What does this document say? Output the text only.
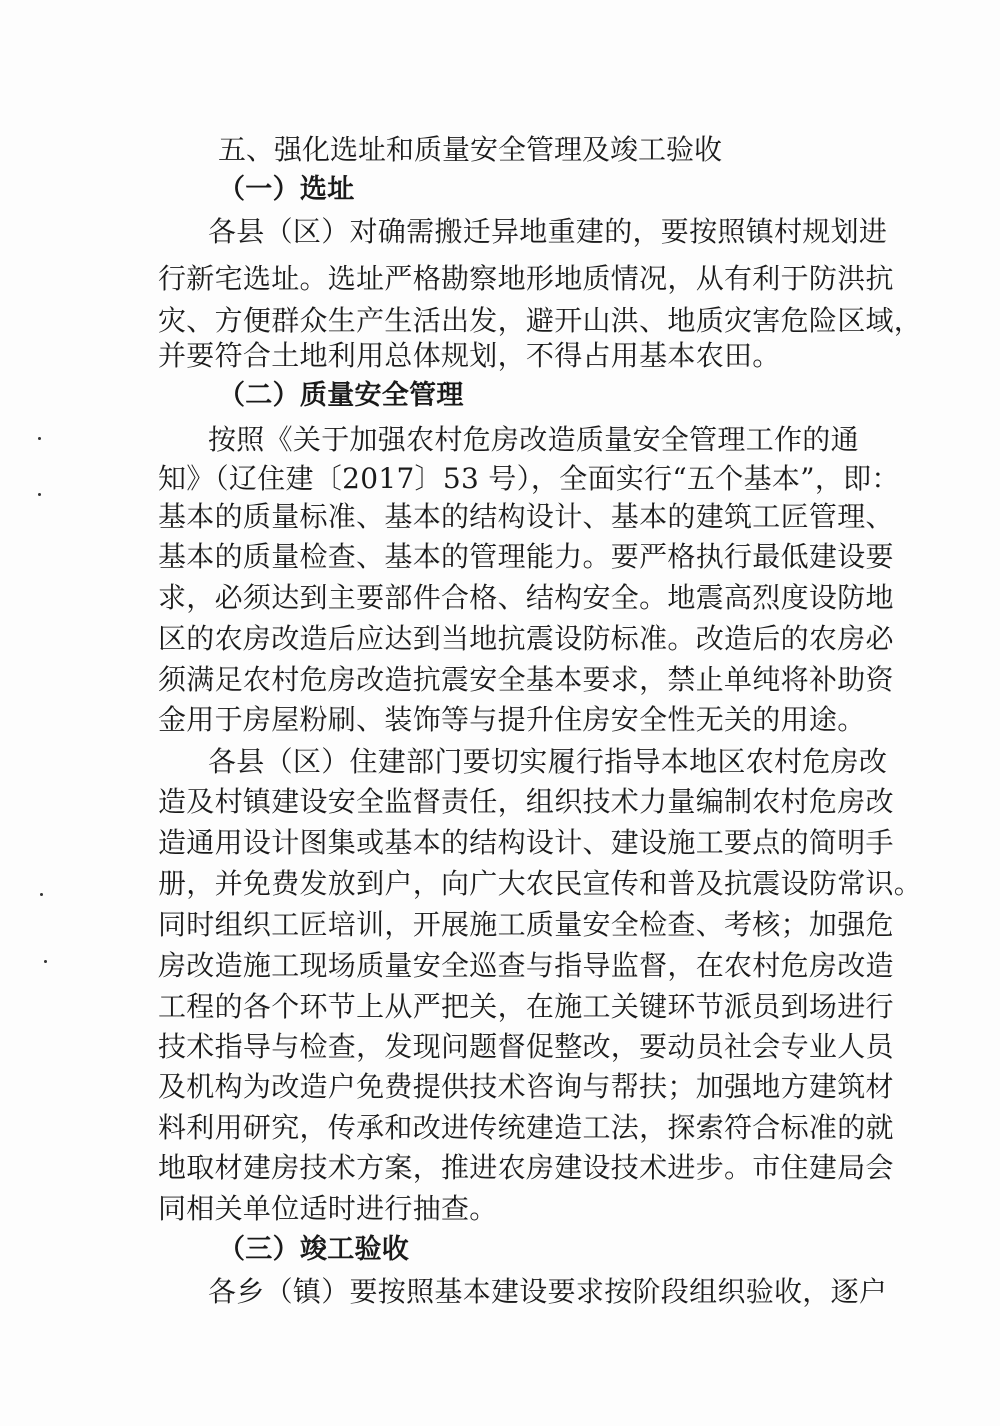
五、强化选址和质量安全管理及竣工验收
（一）选址
各县（区）对确需搬迁异地重建的，要按照镇村规划进
行新宅选址。选址严格勘察地形地质情况，从有利于防洪抗
灾、方便群众生产生活出发，避开山洪、地质灾害危险区域，
并要符合土地利用总体规划，不得占用基本农田。
（二）质量安全管理
按照《关于加强农村危房改造质量安全管理工作的通
知》（辽住建〔2017〕53 号），全面实行“五个基本”，即：
基本的质量标准、基本的结构设计、基本的建筑工匠管理、
基本的质量检查、基本的管理能力。要严格执行最低建设要
求，必须达到主要部件合格、结构安全。地震高烈度设防地
区的农房改造后应达到当地抗震设防标准。改造后的农房必
须满足农村危房改造抗震安全基本要求，禁止单纯将补助资
金用于房屋粉刷、装饰等与提升住房安全性无关的用途。
各县（区）住建部门要切实履行指导本地区农村危房改
造及村镇建设安全监督责任，组织技术力量编制农村危房改
造通用设计图集或基本的结构设计、建设施工要点的简明手
册，并免费发放到户，向广大农民宣传和普及抗震设防常识。
同时组织工匠培训，开展施工质量安全检查、考核；加强危
房改造施工现场质量安全巡查与指导监督，在农村危房改造
工程的各个环节上从严把关，在施工关键环节派员到场进行
技术指导与检查，发现问题督促整改，要动员社会专业人员
及机构为改造户免费提供技术咨询与帮扶；加强地方建筑材
料利用研究，传承和改进传统建造工法，探索符合标准的就
地取材建房技术方案，推进农房建设技术进步。市住建局会
同相关单位适时进行抽查。
（三）竣工验收
各乡（镇）要按照基本建设要求按阶段组织验收，逐户
